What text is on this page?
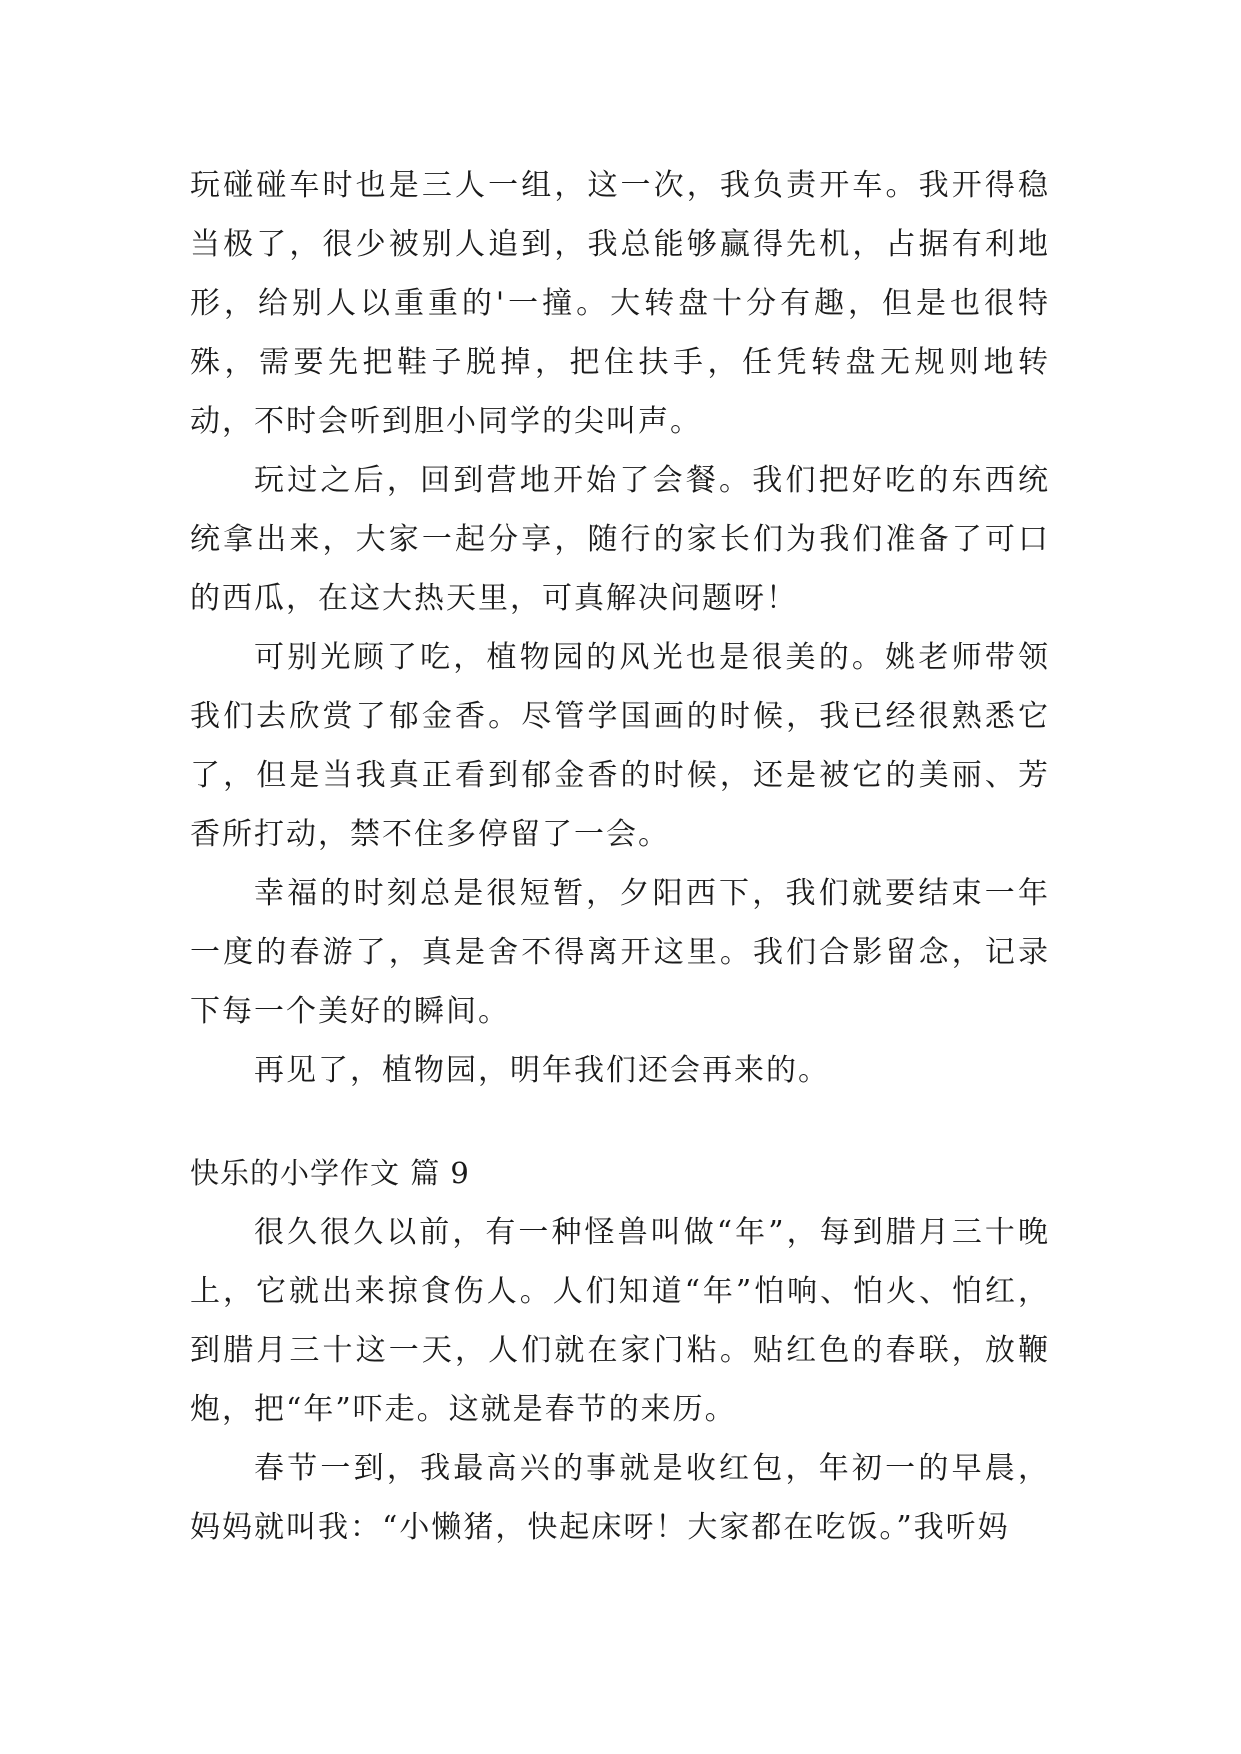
玩碰碰车时也是三人一组，这一次，我负责开车。我开得稳当极了，很少被别人追到，我总能够赢得先机，占据有利地形，给别人以重重的'一撞。大转盘十分有趣，但是也很特殊，需要先把鞋子脱掉，把住扶手，任凭转盘无规则地转动，不时会听到胆小同学的尖叫声。

玩过之后，回到营地开始了会餐。我们把好吃的东西统统拿出来，大家一起分享，随行的家长们为我们准备了可口的西瓜，在这大热天里，可真解决问题呀！

可别光顾了吃，植物园的风光也是很美的。姚老师带领我们去欣赏了郁金香。尽管学国画的时候，我已经很熟悉它了，但是当我真正看到郁金香的时候，还是被它的美丽、芳香所打动，禁不住多停留了一会。

幸福的时刻总是很短暂，夕阳西下，我们就要结束一年一度的春游了，真是舍不得离开这里。我们合影留念，记录下每一个美好的瞬间。

再见了，植物园，明年我们还会再来的。

快乐的小学作文 篇 9

很久很久以前，有一种怪兽叫做“年”，每到腊月三十晚上，它就出来掠食伤人。人们知道“年”怕响、怕火、怕红，到腊月三十这一天，人们就在家门粘。贴红色的春联，放鞭炮，把“年”吓走。这就是春节的来历。

春节一到，我最高兴的事就是收红包，年初一的早晨，妈妈就叫我：“小懒猪，快起床呀！大家都在吃饭。”我听妈
